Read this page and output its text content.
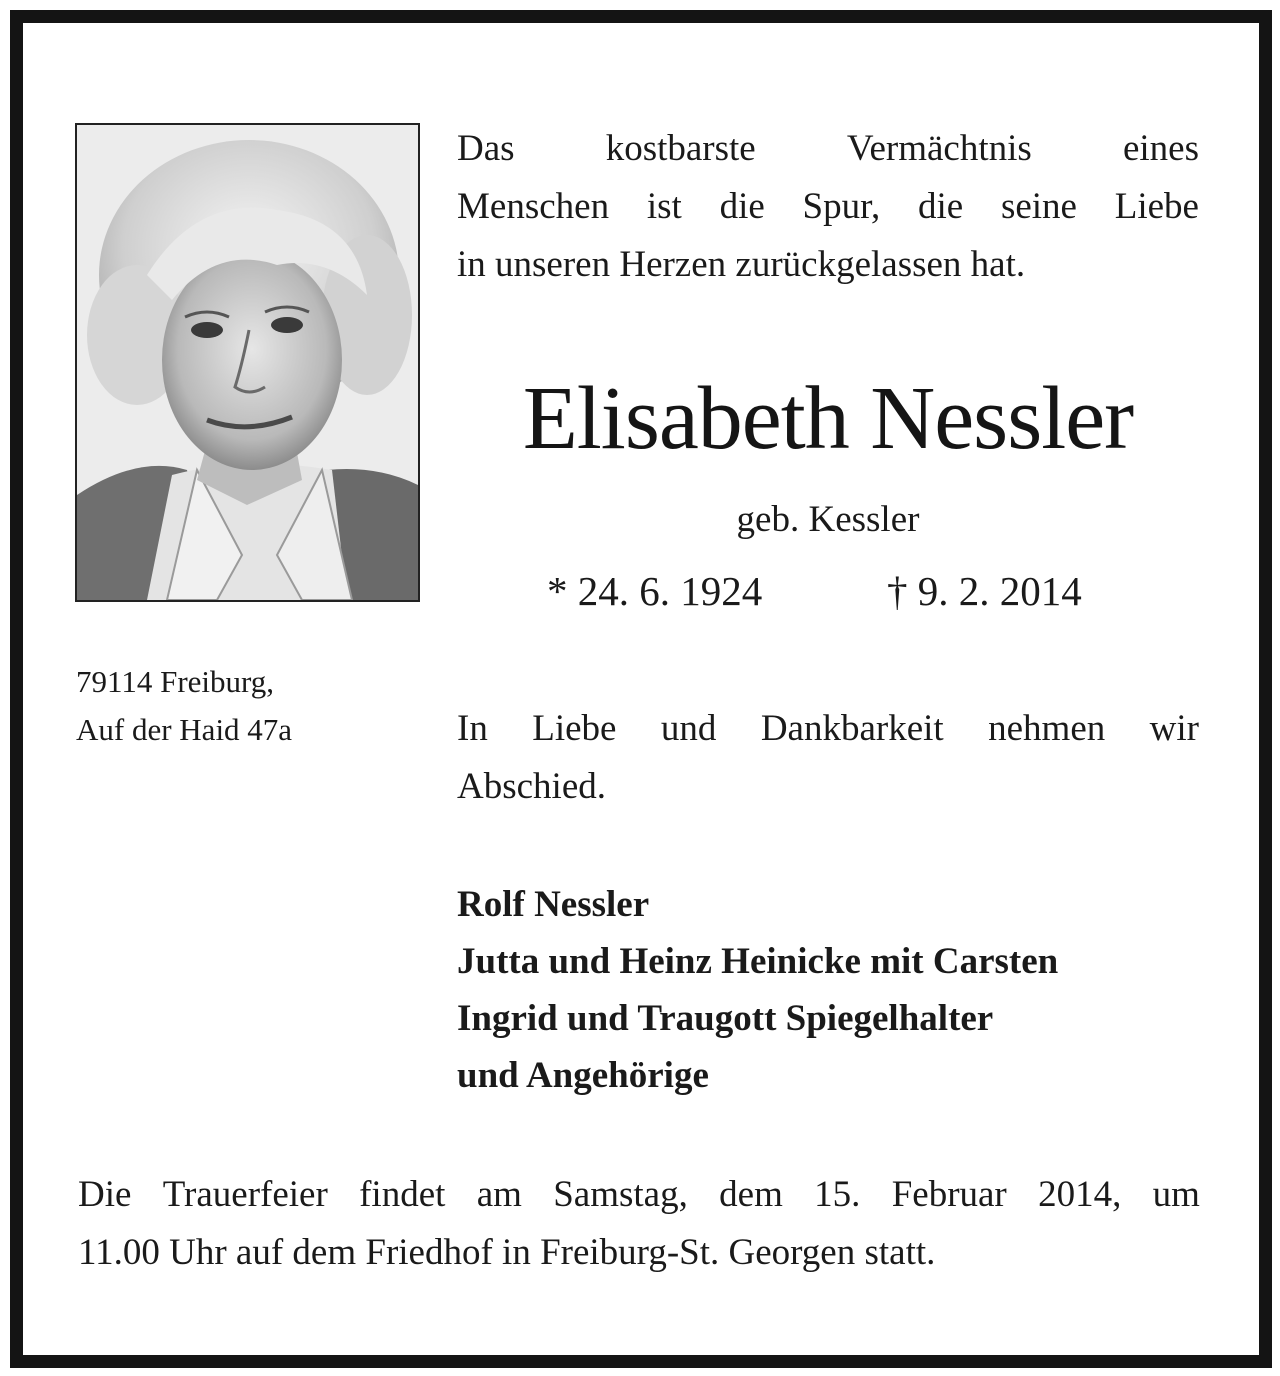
Das kostbarste Vermächtnis eines
Menschen ist die Spur, die seine Liebe
in unseren Herzen zurückgelassen hat.
Elisabeth Nessler
geb. Kessler
* 24. 6. 1924	† 9. 2. 2014
79114 Freiburg,
Auf der Haid 47a	In Liebe und Dankbarkeit nehmen wir
Abschied.
Rolf Nessler
Jutta und Heinz Heinicke mit Carsten
Ingrid und Traugott Spiegelhalter
und Angehörige
Die Trauerfeier findet am Samstag, dem 15. Februar 2014, um
11.00 Uhr auf dem Friedhof in Freiburg-St. Georgen statt.
